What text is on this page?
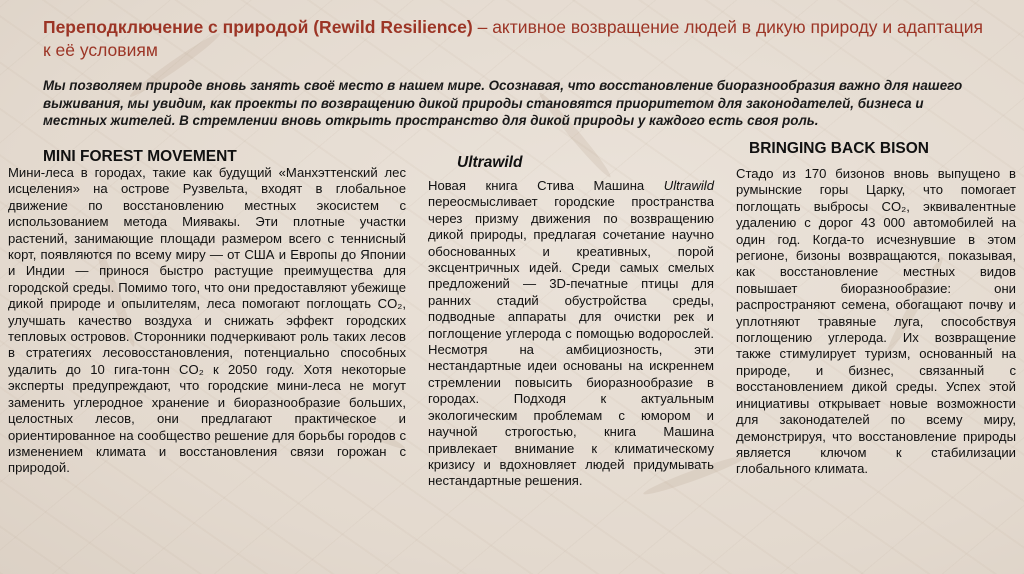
Переподключение с природой (Rewild Resilience) – активное возвращение людей в дикую природу и адаптация к её условиям
Мы позволяем природе вновь занять своё место в нашем мире. Осознавая, что восстановление биоразнообразия важно для нашего выживания, мы увидим, как проекты по возвращению дикой природы становятся приоритетом для законодателей, бизнеса и местных жителей. В стремлении вновь открыть пространство для дикой природы у каждого есть своя роль.
MINI FOREST MOVEMENT
Мини-леса в городах, такие как будущий «Манхэттенский лес исцеления» на острове Рузвельта, входят в глобальное движение по восстановлению местных экосистем с использованием метода Миявакы. Эти плотные участки растений, занимающие площади размером всего с теннисный корт, появляются по всему миру — от США и Европы до Японии и Индии — принося быстро растущие преимущества для городской среды. Помимо того, что они предоставляют убежище дикой природе и опылителям, леса помогают поглощать CO₂, улучшать качество воздуха и снижать эффект городских тепловых островов. Сторонники подчеркивают роль таких лесов в стратегиях лесовосстановления, потенциально способных удалить до 10 гига-тонн CO₂ к 2050 году. Хотя некоторые эксперты предупреждают, что городские мини-леса не могут заменить углеродное хранение и биоразнообразие больших, целостных лесов, они предлагают практическое и ориентированное на сообщество решение для борьбы городов с изменением климата и восстановления связи горожан с природой.
Ultrawild
Новая книга Стива Машина Ultrawild переосмысливает городские пространства через призму движения по возвращению дикой природы, предлагая сочетание научно обоснованных и креативных, порой эксцентричных идей. Среди самых смелых предложений — 3D-печатные птицы для ранних стадий обустройства среды, подводные аппараты для очистки рек и поглощение углерода с помощью водорослей. Несмотря на амбициозность, эти нестандартные идеи основаны на искреннем стремлении повысить биоразнообразие в городах. Подходя к актуальным экологическим проблемам с юмором и научной строгостью, книга Машина привлекает внимание к климатическому кризису и вдохновляет людей придумывать нестандартные решения.
BRINGING BACK BISON
Стадо из 170 бизонов вновь выпущено в румынские горы Царку, что помогает поглощать выбросы CO₂, эквивалентные удалению с дорог 43 000 автомобилей на один год. Когда-то исчезнувшие в этом регионе, бизоны возвращаются, показывая, как восстановление местных видов повышает биоразнообразие: они распространяют семена, обогащают почву и уплотняют травяные луга, способствуя поглощению углерода. Их возвращение также стимулирует туризм, основанный на природе, и бизнес, связанный с восстановлением дикой среды. Успех этой инициативы открывает новые возможности для законодателей по всему миру, демонстрируя, что восстановление природы является ключом к стабилизации глобального климата.
